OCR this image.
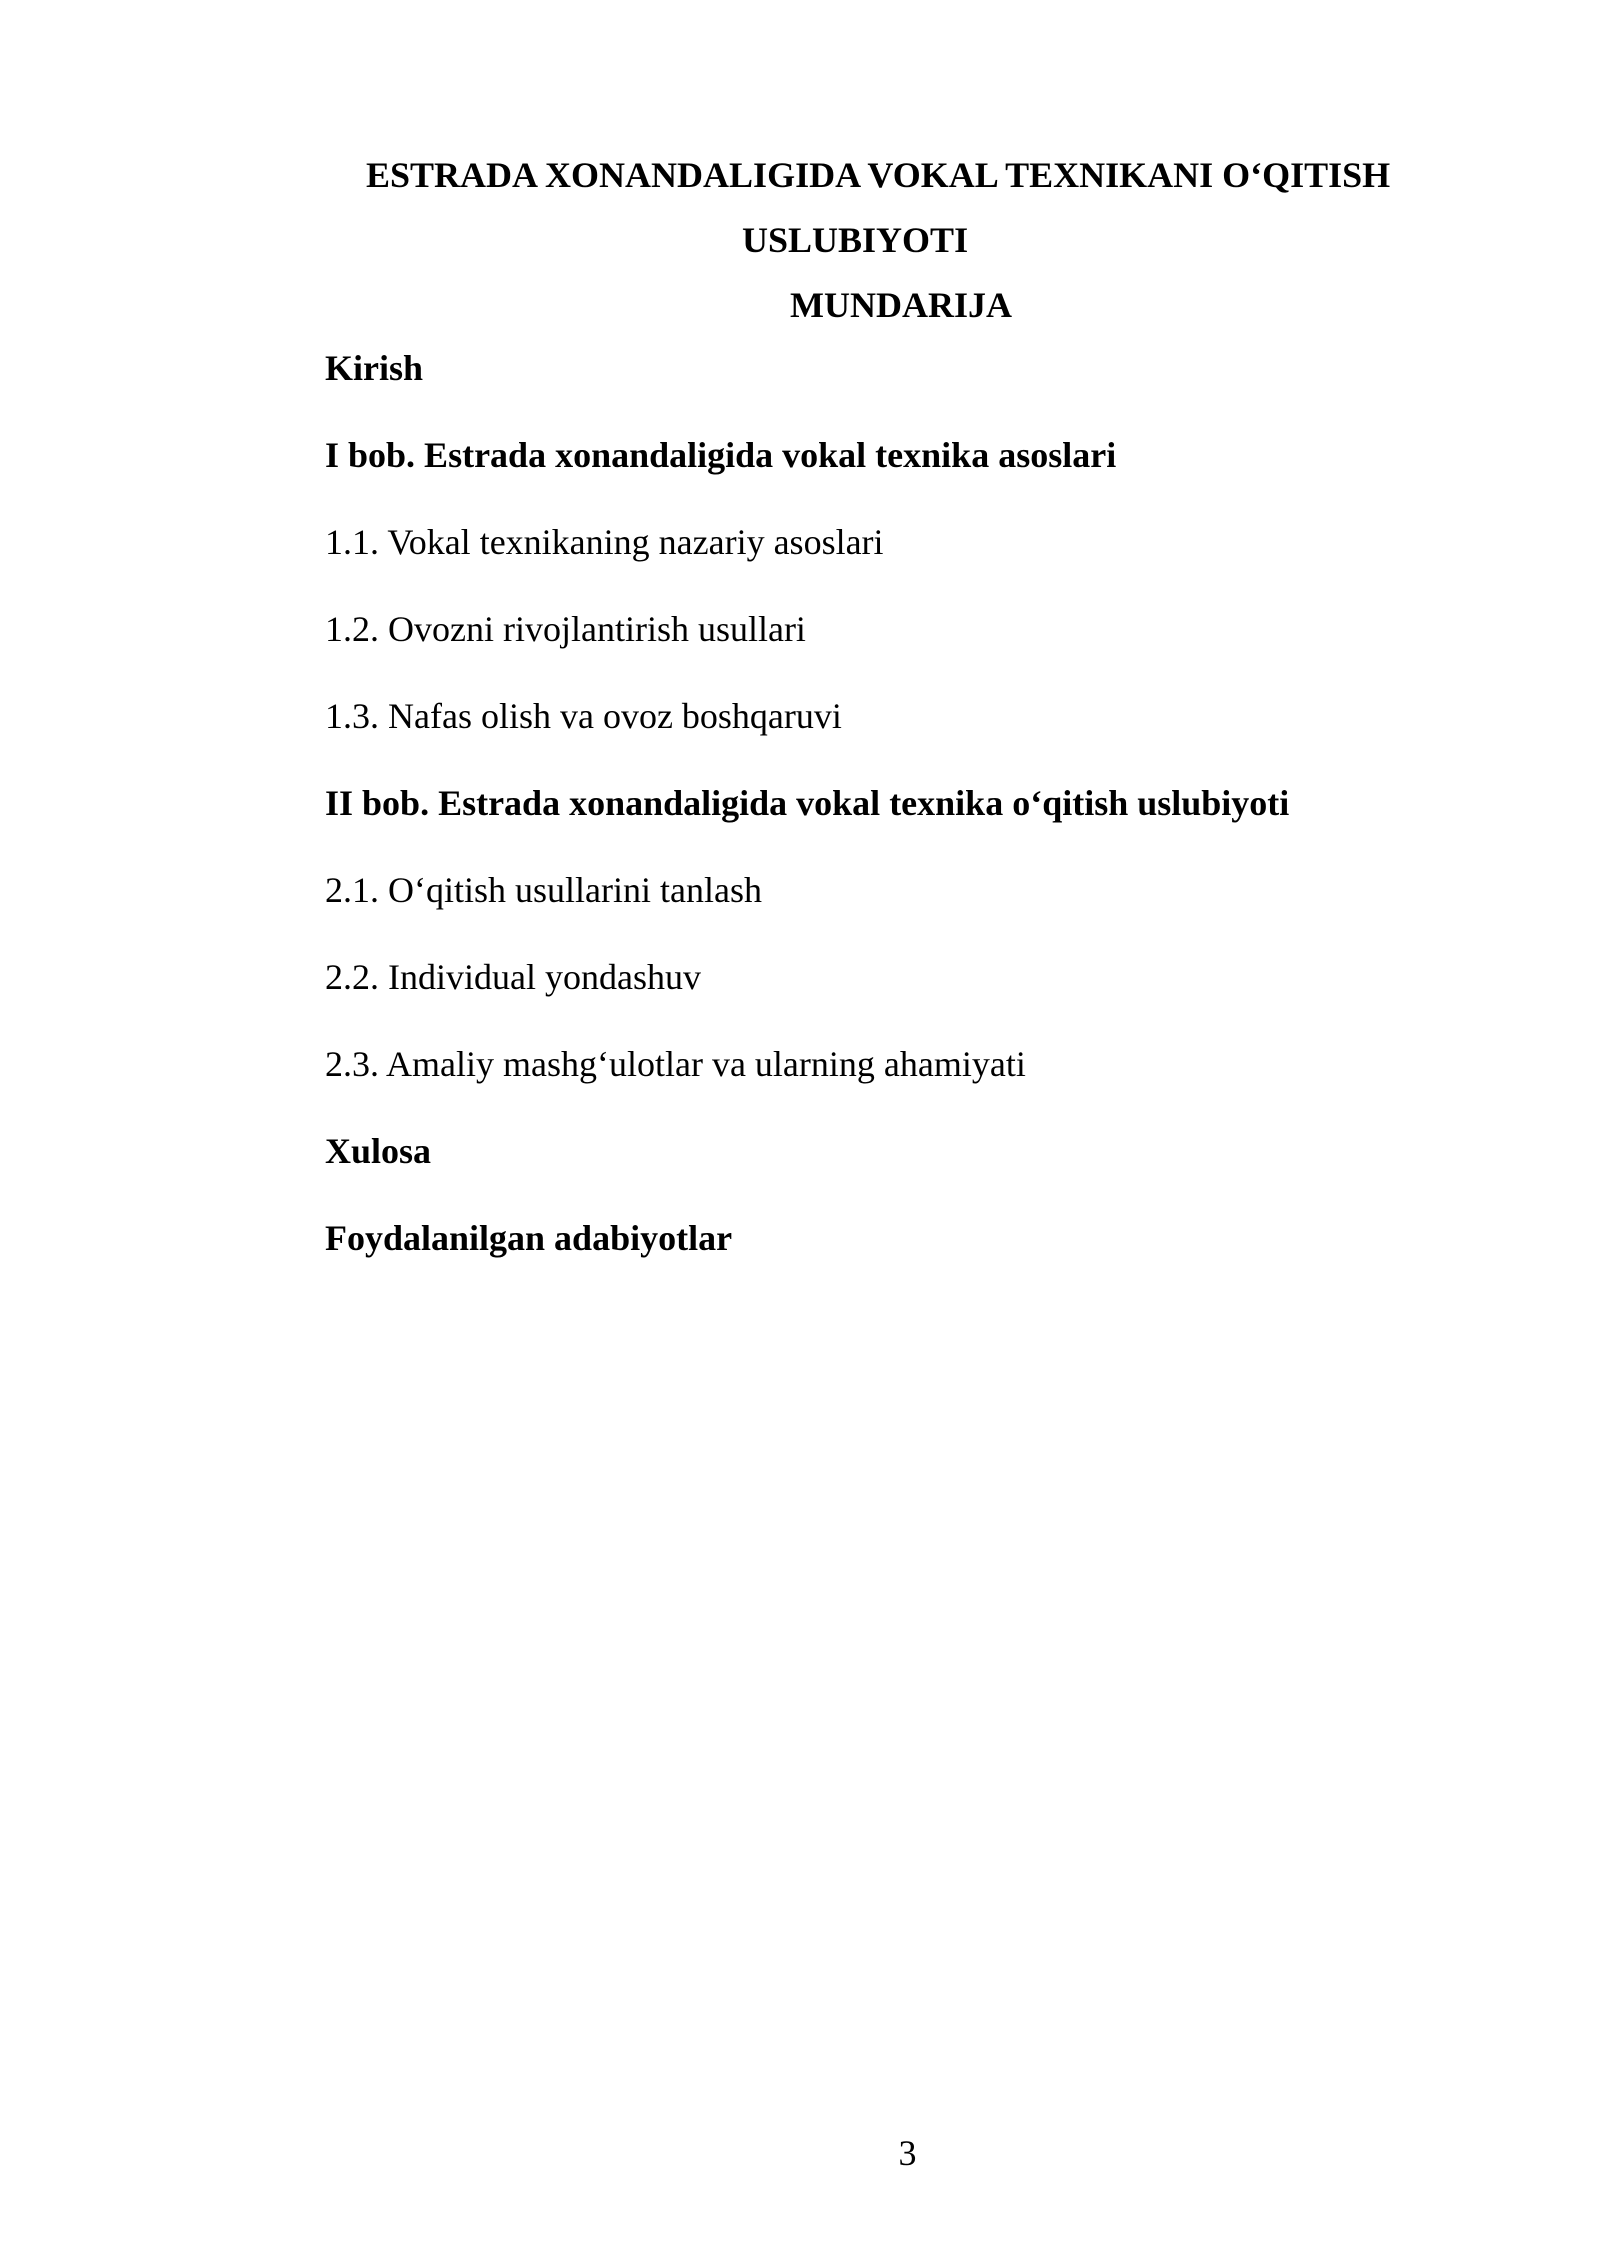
ESTRADA XONANDALIGIDA VOKAL TEXNIKANI O‘QITISH
USLUBIYOTI
MUNDARIJA
Kirish
I bob. Estrada xonandaligida vokal texnika asoslari
1.1. Vokal texnikaning nazariy asoslari
1.2. Ovozni rivojlantirish usullari
1.3. Nafas olish va ovoz boshqaruvi
II bob. Estrada xonandaligida vokal texnika o‘qitish uslubiyoti
2.1. O‘qitish usullarini tanlash
2.2. Individual yondashuv
2.3. Amaliy mashg‘ulotlar va ularning ahamiyati
Xulosa
Foydalanilgan adabiyotlar
3
